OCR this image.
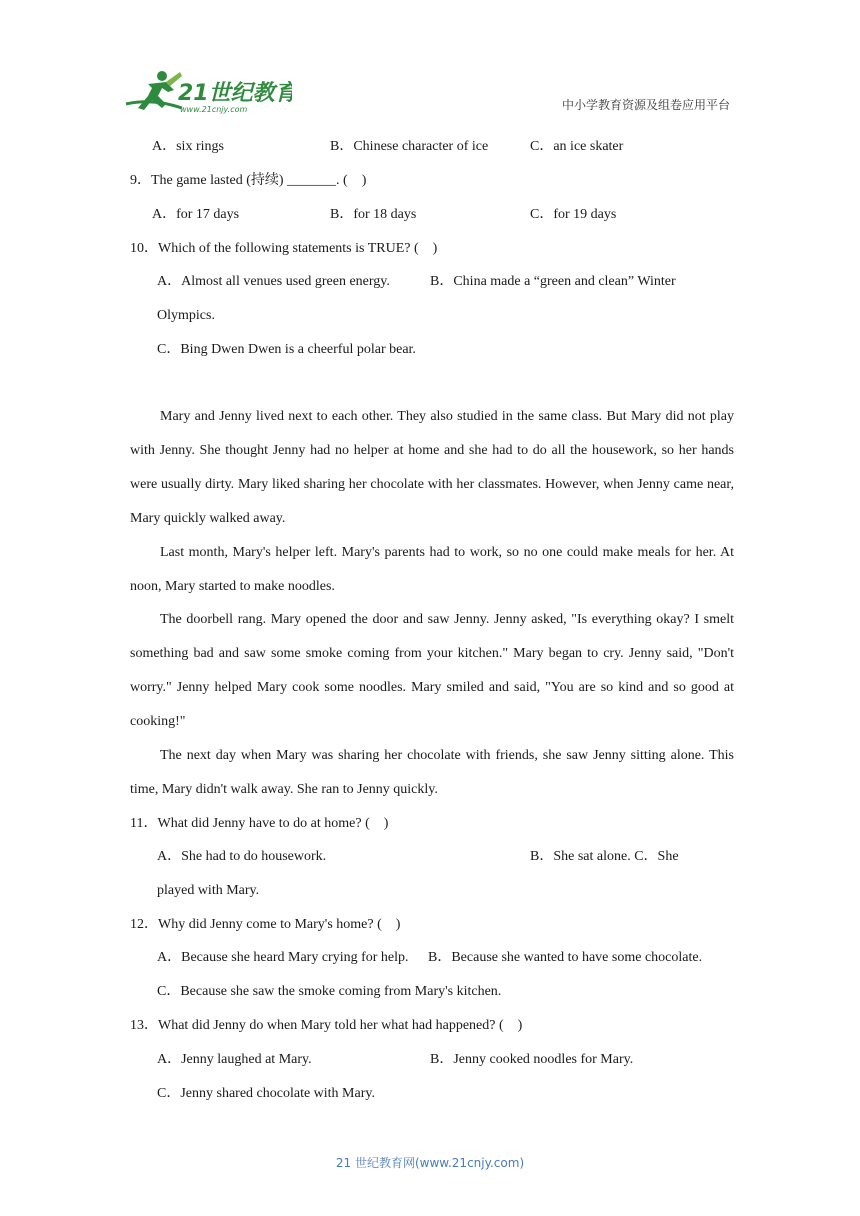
21世纪教育
www.21cnjy.com	中小学教育资源及组卷应用平台
A．six rings	B．Chinese character of ice	C．an ice skater
9．The game lasted (持续) _______. (　)
A．for 17 days	B．for 18 days	C．for 19 days
10．Which of the following statements is TRUE? (　)
A．Almost all venues used green energy.	B．China made a “green and clean” Winter
Olympics.
C．Bing Dwen Dwen is a cheerful polar bear.
Mary and Jenny lived next to each other. They also studied in the same class. But Mary did not play with Jenny. She thought Jenny had no helper at home and she had to do all the housework, so her hands were usually dirty. Mary liked sharing her chocolate with her classmates. However, when Jenny came near, Mary quickly walked away.
Last month, Mary's helper left. Mary's parents had to work, so no one could make meals for her. At noon, Mary started to make noodles.
The doorbell rang. Mary opened the door and saw Jenny. Jenny asked, "Is everything okay? I smelt something bad and saw some smoke coming from your kitchen." Mary began to cry. Jenny said, "Don't worry." Jenny helped Mary cook some noodles. Mary smiled and said, "You are so kind and so good at cooking!"
The next day when Mary was sharing her chocolate with friends, she saw Jenny sitting alone. This time, Mary didn't walk away. She ran to Jenny quickly.
11．What did Jenny have to do at home? (　)
A．She had to do housework.	B．She sat alone. C．She
played with Mary.
12．Why did Jenny come to Mary's home? (　)
A．Because she heard Mary crying for help. B．Because she wanted to have some chocolate.
C．Because she saw the smoke coming from Mary's kitchen.
13．What did Jenny do when Mary told her what had happened? (　)
A．Jenny laughed at Mary.	B．Jenny cooked noodles for Mary.
C．Jenny shared chocolate with Mary.
21 世纪教育网(www.21cnjy.com)
